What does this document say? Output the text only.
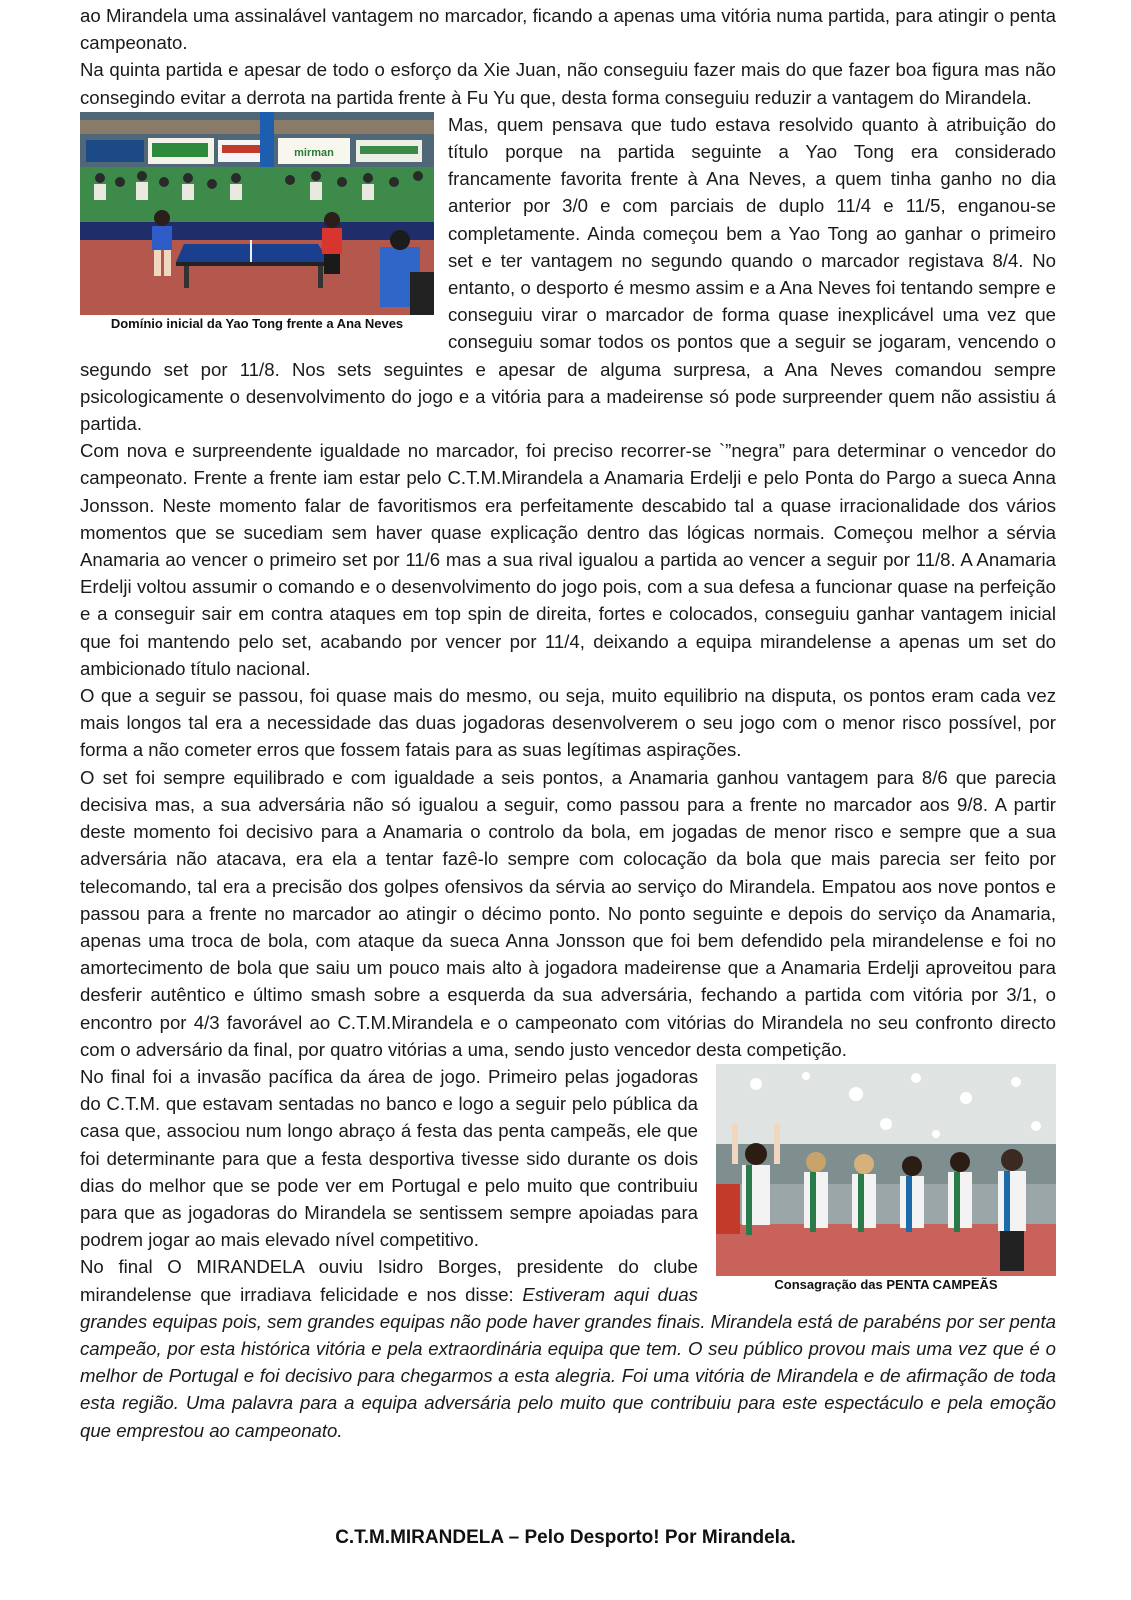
ao Mirandela uma assinalável vantagem no marcador, ficando a apenas uma vitória numa partida, para atingir o penta campeonato.

Na quinta partida e apesar de todo o esforço da Xie Juan, não conseguiu fazer mais do que fazer boa figura mas não consegindo evitar a derrota na partida frente à Fu Yu que, desta forma conseguiu reduzir a vantagem do Mirandela.

mirman
Domínio inicial da Yao Tong frente a Ana Neves

Mas, quem pensava que tudo estava resolvido quanto à atribuição do título porque na partida seguinte a Yao Tong era considerado francamente favorita frente à Ana Neves, a quem tinha ganho no dia anterior por 3/0 e com parciais de duplo 11/4 e 11/5, enganou-se completamente. Ainda começou bem a Yao Tong ao ganhar o primeiro set e ter vantagem no segundo quando o marcador registava 8/4. No entanto, o desporto é mesmo assim e a Ana Neves foi tentando sempre e conseguiu virar o marcador de forma quase inexplicável uma vez que conseguiu somar todos os pontos que a seguir se jogaram, vencendo o segundo set por 11/8. Nos sets seguintes e apesar de alguma surpresa, a Ana Neves comandou sempre psicologicamente o desenvolvimento do jogo e a vitória para a madeirense só pode surpreender quem não assistiu á partida.

Com nova e surpreendente igualdade no marcador, foi preciso recorrer-se `”negra” para determinar o vencedor do campeonato. Frente a frente iam estar pelo C.T.M.Mirandela a Anamaria Erdelji e pelo Ponta do Pargo a sueca Anna Jonsson. Neste momento falar de favoritismos era perfeitamente descabido tal a quase irracionalidade dos vários momentos que se sucediam sem haver quase explicação dentro das lógicas normais. Começou melhor a sérvia Anamaria ao vencer o primeiro set por 11/6 mas a sua rival igualou a partida ao vencer a seguir por 11/8. A Anamaria Erdelji voltou assumir o comando e o desenvolvimento do jogo pois, com a sua defesa a funcionar quase na perfeição e a conseguir sair em contra ataques em top spin de direita, fortes e colocados, conseguiu ganhar vantagem inicial que foi mantendo pelo set, acabando por vencer por 11/4, deixando a equipa mirandelense a apenas um set do ambicionado título nacional.

O que a seguir se passou, foi quase mais do mesmo, ou seja, muito equilibrio na disputa, os pontos eram cada vez mais longos tal era a necessidade das duas jogadoras desenvolverem o seu jogo com o menor risco possível, por forma a não cometer erros que fossem fatais para as suas legítimas aspirações.

O set foi sempre equilibrado e com igualdade a seis pontos, a Anamaria ganhou vantagem para 8/6 que parecia decisiva mas, a sua adversária não só igualou a seguir, como passou para a frente no marcador aos 9/8. A partir deste momento foi decisivo para a Anamaria o controlo da bola, em jogadas de menor risco e sempre que a sua adversária não atacava, era ela a tentar fazê-lo sempre com colocação da bola que mais parecia ser feito por telecomando, tal era a precisão dos golpes ofensivos da sérvia ao serviço do Mirandela. Empatou aos nove pontos e passou para a frente no marcador ao atingir o décimo ponto. No ponto seguinte e depois do serviço da Anamaria, apenas uma troca de bola, com ataque da sueca Anna Jonsson que foi bem defendido pela mirandelense e foi no amortecimento de bola que saiu um pouco mais alto à jogadora madeirense que a Anamaria Erdelji aproveitou para desferir autêntico e último smash sobre a esquerda da sua adversária, fechando a partida com vitória por 3/1, o encontro por 4/3 favorável ao C.T.M.Mirandela e o campeonato com vitórias do Mirandela no seu confronto directo com o adversário da final, por quatro vitórias a uma, sendo justo vencedor desta competição.

Consagração das PENTA CAMPEÃS

No final foi a invasão pacífica da área de jogo. Primeiro pelas jogadoras do C.T.M. que estavam sentadas no banco e logo a seguir pelo pública da casa que, associou num longo abraço á festa das penta campeãs, ele que foi determinante para que a festa desportiva tivesse sido durante os dois dias do melhor que se pode ver em Portugal e pelo muito que contribuiu para que as jogadoras do Mirandela se sentissem sempre apoiadas para podrem jogar ao mais elevado nível competitivo.

No final O MIRANDELA ouviu Isidro Borges, presidente do clube mirandelense que irradiava felicidade e nos disse: Estiveram aqui duas grandes equipas pois, sem grandes equipas não pode haver grandes finais. Mirandela está de parabéns por ser penta campeão, por esta histórica vitória e pela extraordinária equipa que tem. O seu público provou mais uma vez que é o melhor de Portugal e foi decisivo para chegarmos a esta alegria. Foi uma vitória de Mirandela e de afirmação de toda esta região. Uma palavra para a equipa adversária pelo muito que contribuiu para este espectáculo e pela emoção que emprestou ao campeonato.

C.T.M.MIRANDELA – Pelo Desporto! Por Mirandela.
